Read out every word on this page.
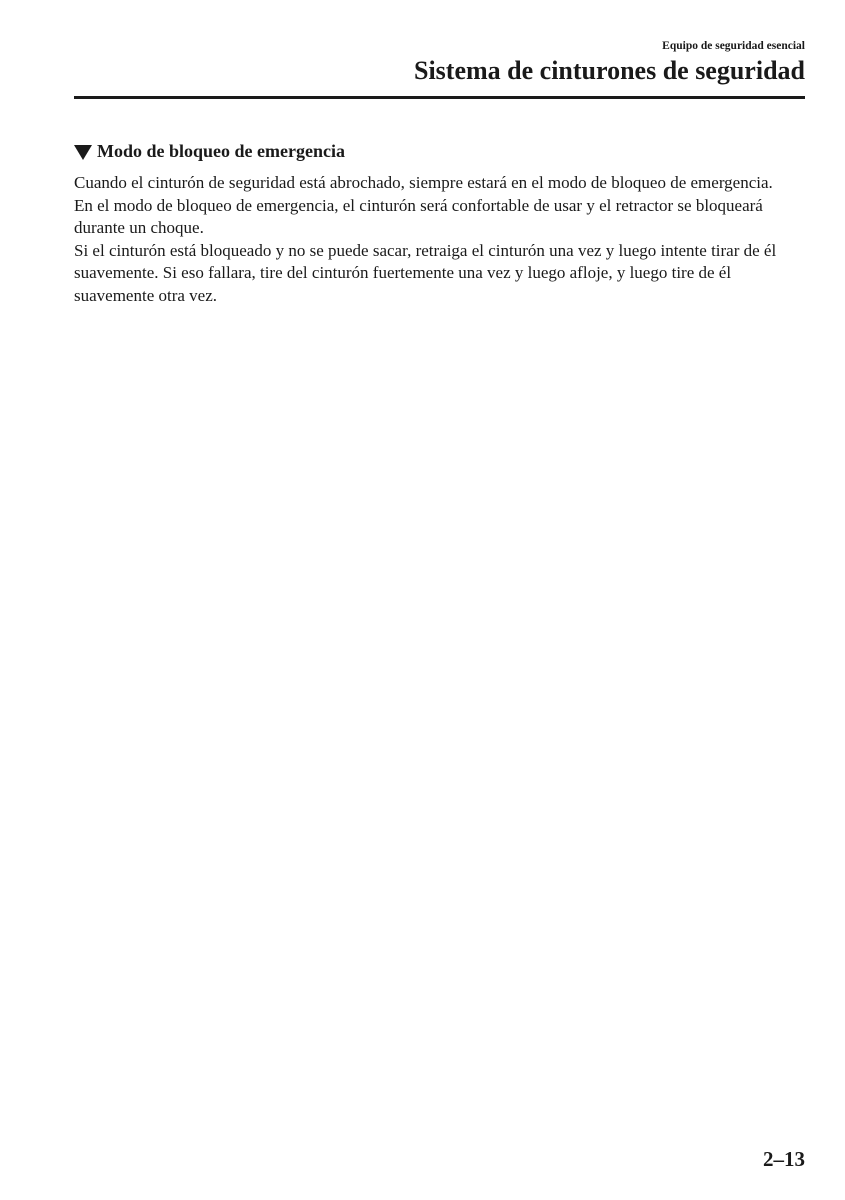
Equipo de seguridad esencial
Sistema de cinturones de seguridad
Modo de bloqueo de emergencia

Cuando el cinturón de seguridad está abrochado, siempre estará en el modo de bloqueo de emergencia.

En el modo de bloqueo de emergencia, el cinturón será confortable de usar y el retractor se bloqueará durante un choque.

Si el cinturón está bloqueado y no se puede sacar, retraiga el cinturón una vez y luego intente tirar de él suavemente. Si eso fallara, tire del cinturón fuertemente una vez y luego afloje, y luego tire de él suavemente otra vez.

2–13
